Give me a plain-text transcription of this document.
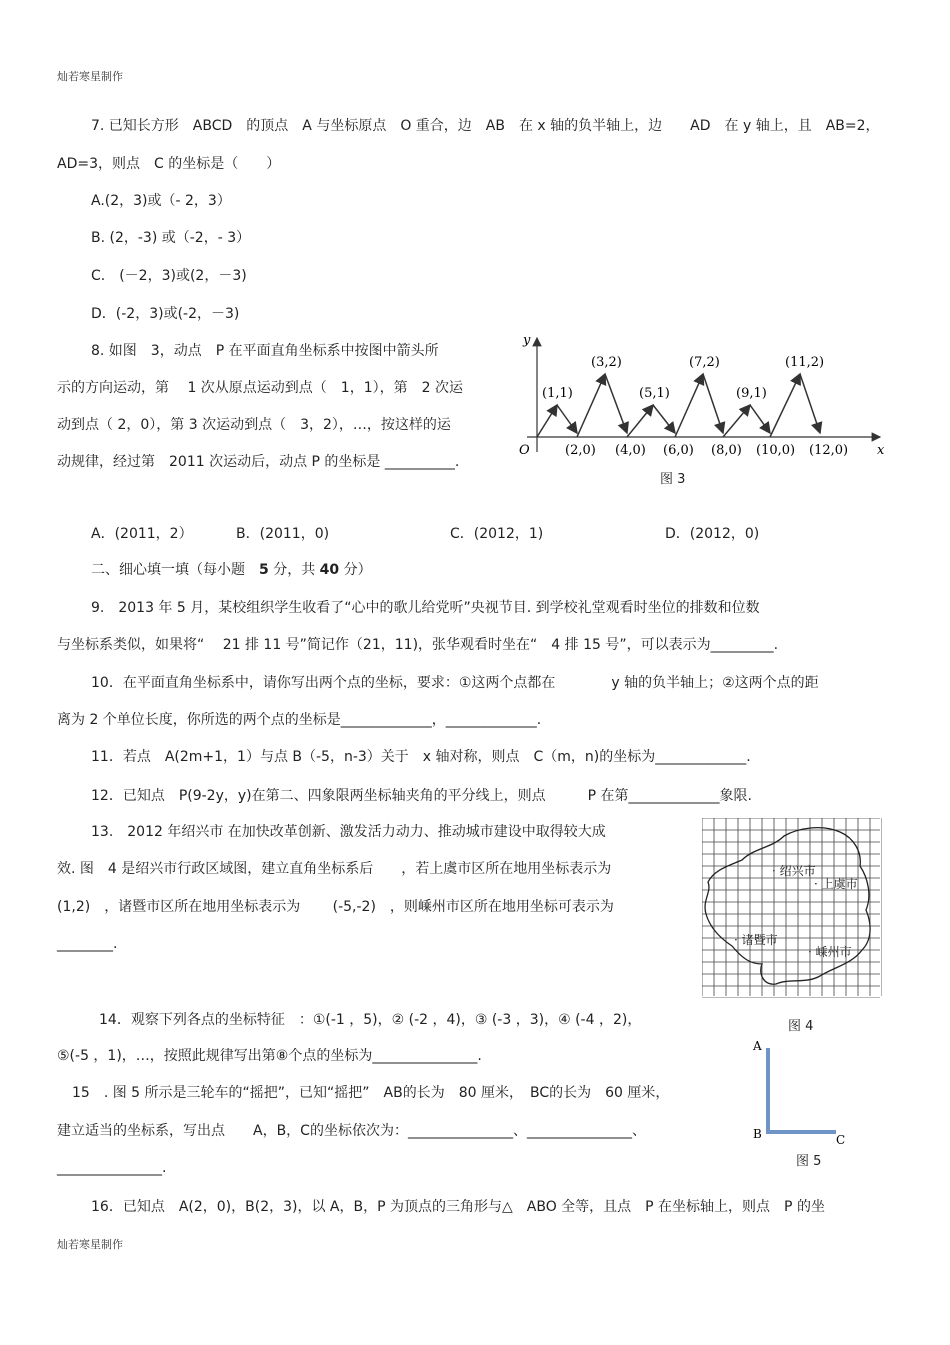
灿若寒星制作
7. 已知长方形　ABCD　的顶点　A 与坐标原点　O 重合，边　AB　在 x 轴的负半轴上，边　　AD　在 y 轴上，且　AB=2，
AD=3，则点　C 的坐标是（　　）
A.(2，3)或（- 2，3）
B. (2，-3) 或（-2，- 3）
C.　(－2，3)或(2，－3)
D．(-2，3)或(-2，－3)
8. 如图　3，动点　P 在平面直角坐标系中按图中箭头所
示的方向运动，第　 1 次从原点运动到点（　1，1），第　2 次运
动到点（ 2，0），第 3 次运动到点（　3，2），…，按这样的运
动规律，经过第　2011 次运动后，动点 P 的坐标是 __________.
y
x
O
(1,1)
(3,2)
(5,1)
(7,2)
(9,1)
(11,2)
(2,0) (4,0) (6,0) (8,0) (10,0) (12,0)
图 3
A．(2011，2）	B．(2011，0)	C．(2012，1)	D．(2012，0)
二、细心填一填（每小题　5 分，共 40 分）
9.　2013 年 5 月，某校组织学生收看了“心中的歌儿给党听”央视节目. 到学校礼堂观看时坐位的排数和位数
与坐标系类似，如果将“　 21 排 11 号”简记作（21，11)，张华观看时坐在“　4 排 15 号”，可以表示为_________.
10．在平面直角坐标系中，请你写出两个点的坐标，要求：①这两个点都在　　　　y 轴的负半轴上；②这两个点的距
离为 2 个单位长度，你所选的两个点的坐标是_____________，_____________.
11．若点　A(2m+1，1）与点 B（-5，n-3）关于　x 轴对称，则点　C（m，n)的坐标为_____________.
12．已知点　P(9-2y，y)在第二、四象限两坐标轴夹角的平分线上，则点　　　P 在第_____________象限.
13.　2012 年绍兴市 在加快改革创新、激发活力动力、推动城市建设中取得较大成
效. 图　4 是绍兴市行政区域图，建立直角坐标系后　　，若上虞市区所在地用坐标表示为
(1,2)　，诸暨市区所在地用坐标表示为　　 (-5,-2)　，则嵊州市区所在地用坐标可表示为
________.
· 绍兴市
· 上虞市
· 诸暨市
· 嵊州市
图 4
14．观察下列各点的坐标特征　：①(-1 ，5)，② (-2 ，4)，③ (-3 ，3)，④ (-4 ，2)，
⑤(-5 ，1)，…，按照此规律写出第⑧个点的坐标为_______________.
15　. 图 5 所示是三轮车的“摇把”，已知“摇把”　AB的长为　80 厘米，　BC的长为　60 厘米，
建立适当的坐标系，写出点　　A，B，C的坐标依次为：_______________、_______________、
_______________.
A
B	C
图 5
16．已知点　A(2，0)，B(2，3)，以 A，B，P 为顶点的三角形与△　ABO 全等，且点　P 在坐标轴上，则点　P 的坐
灿若寒星制作
